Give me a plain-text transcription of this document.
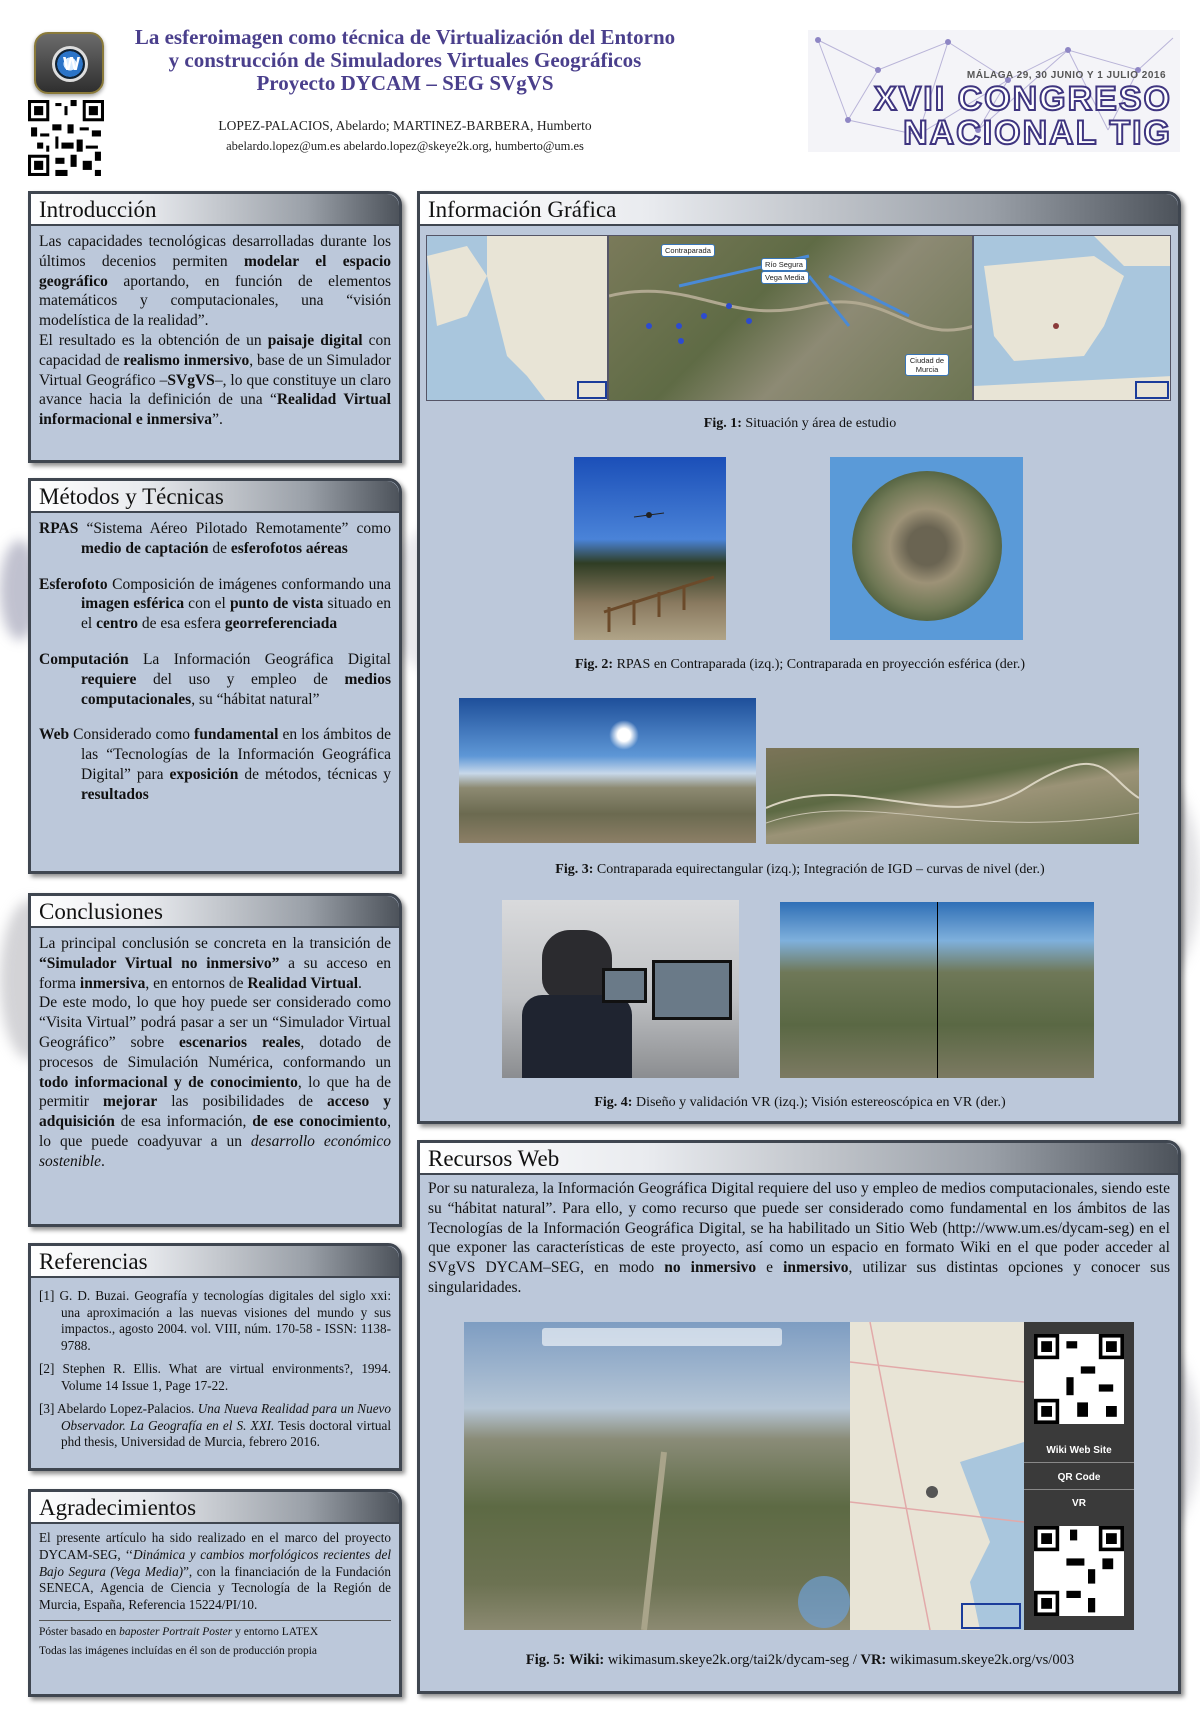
W
La esferoimagen como técnica de Virtualización del Entorno
y construcción de Simuladores Virtuales Geográficos
Proyecto DYCAM – SEG SVgVS
LOPEZ-PALACIOS, Abelardo; MARTINEZ-BARBERA, Humberto
abelardo.lopez@um.es abelardo.lopez@skeye2k.org, humberto@um.es
MÁLAGA 29, 30 JUNIO Y 1 JULIO 2016
XVII CONGRESO
NACIONAL TIG
Introducción
Las capacidades tecnológicas desarrolladas durante los últimos decenios permiten modelar el espacio geográfico aportando, en función de elementos matemáticos y computacionales, una “visión modelística de la realidad”.
El resultado es la obtención de un paisaje digital con capacidad de realismo inmersivo, base de un Simulador Virtual Geográfico –SVgVS–, lo que constituye un claro avance hacia la definición de una “Realidad Virtual informacional e inmersiva”.
Métodos y Técnicas
RPAS “Sistema Aéreo Pilotado Remotamente” como medio de captación de esferofotos aéreas
Esferofoto Composición de imágenes conformando una imagen esférica con el punto de vista situado en el centro de esa esfera georreferenciada
Computación La Información Geográfica Digital requiere del uso y empleo de medios computacionales, su “hábitat natural”
Web Considerado como fundamental en los ámbitos de las “Tecnologías de la Información Geográfica Digital” para exposición de métodos, técnicas y resultados
Conclusiones
La principal conclusión se concreta en la transición de “Simulador Virtual no inmersivo” a su acceso en forma inmersiva, en entornos de Realidad Virtual.
De este modo, lo que hoy puede ser considerado como “Visita Virtual” podrá pasar a ser un “Simulador Virtual Geográfico” sobre escenarios reales, dotado de procesos de Simulación Numérica, conformando un todo informacional y de conocimiento, lo que ha de permitir mejorar las posibilidades de acceso y adquisición de esa información, de ese conocimiento, lo que puede coadyuvar a un desarrollo económico sostenible.
Referencias
[1] G. D. Buzai. Geografía y tecnologías digitales del siglo xxi: una aproximación a las nuevas visiones del mundo y sus impactos., agosto 2004. vol. VIII, núm. 170-58 - ISSN: 1138-9788.
[2] Stephen R. Ellis. What are virtual environments?, 1994. Volume 14 Issue 1, Page 17-22.
[3] Abelardo Lopez-Palacios. Una Nueva Realidad para un Nuevo Observador. La Geografía en el S. XXI. Tesis doctoral virtual phd thesis, Universidad de Murcia, febrero 2016.
Agradecimientos
El presente artículo ha sido realizado en el marco del proyecto DYCAM-SEG, ‘‘Dinámica y cambios morfológicos recientes del Bajo Segura (Vega Media)”, con la financiación de la Fundación SENECA, Agencia de Ciencia y Tecnología de la Región de Murcia, España, Referencia 15224/PI/10.
Póster basado en baposter Portrait Poster y entorno LATEX
Todas las imágenes incluídas en él son de producción propia
Información Gráfica
Contraparada
Río Segura
Vega Media
Ciudad de Murcia
Fig. 1: Situación y área de estudio
Fig. 2: RPAS en Contraparada (izq.); Contraparada en proyección esférica (der.)
Fig. 3: Contraparada equirectangular (izq.); Integración de IGD – curvas de nivel (der.)
Fig. 4: Diseño y validación VR (izq.); Visión estereoscópica en VR (der.)
Recursos Web
Por su naturaleza, la Información Geográfica Digital requiere del uso y empleo de medios computacionales, siendo este su “hábitat natural”. Para ello, y como recurso que puede ser considerado como fundamental en los ámbitos de las Tecnologías de la Información Geográfica Digital, se ha habilitado un Sitio Web (http://www.um.es/dycam-seg) en el que exponer las características de este proyecto, así como un espacio en formato Wiki en el que poder acceder al SVgVS DYCAM–SEG, en modo no inmersivo e inmersivo, utilizar sus distintas opciones y conocer sus singularidades.
Wiki Web Site
QR Code
VR
Fig. 5: Wiki: wikimasum.skeye2k.org/tai2k/dycam-seg / VR: wikimasum.skeye2k.org/vs/003
